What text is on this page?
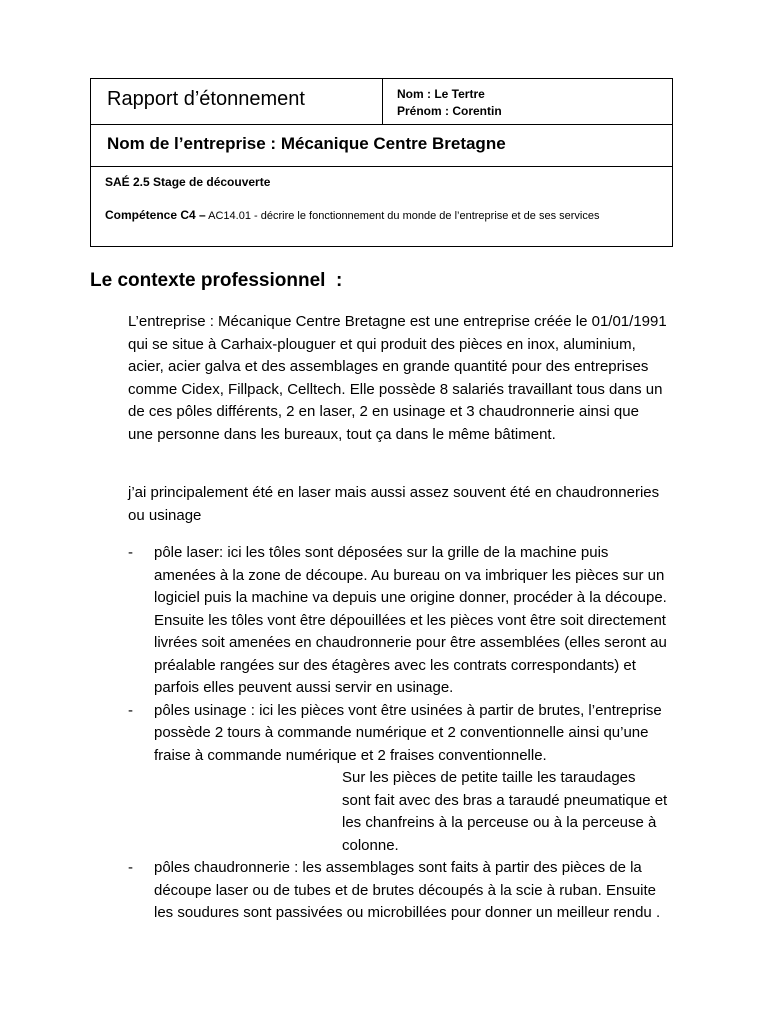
Rapport d’étonnement	Nom : Le Tertre
Prénom : Corentin
Nom de l’entreprise : Mécanique Centre Bretagne
SAÉ 2.5 Stage de découverte
Compétence C4 – AC14.01 - décrire le fonctionnement du monde de l’entreprise et de ses services
Le contexte professionnel  :

L’entreprise : Mécanique Centre Bretagne est une entreprise créée le 01/01/1991 qui se situe à Carhaix-plouguer et qui produit des pièces en inox, aluminium, acier, acier galva et des assemblages en grande quantité pour des entreprises comme Cidex, Fillpack, Celltech. Elle possède 8 salariés travaillant tous dans un de ces pôles différents, 2 en laser, 2 en usinage et 3 chaudronnerie ainsi que une personne dans les bureaux, tout ça dans le même bâtiment.

j’ai principalement été en laser mais aussi assez souvent été en chaudronneries ou usinage

- pôle laser: ici les tôles sont déposées sur la grille de la machine puis amenées à la zone de découpe. Au bureau on va imbriquer les pièces sur un logiciel puis la machine va depuis une origine donner, procéder à la découpe. Ensuite les tôles vont être dépouillées et les pièces vont être soit directement livrées soit amenées en chaudronnerie pour être assemblées (elles seront au préalable rangées sur des étagères avec les contrats correspondants) et parfois elles peuvent aussi servir en usinage.
- pôles usinage : ici les pièces vont être usinées à partir de brutes, l’entreprise possède 2 tours à commande numérique et 2 conventionnelle ainsi qu’une fraise à commande numérique et 2 fraises conventionnelle.
Sur les pièces de petite taille les taraudages sont fait avec des bras a taraudé pneumatique et les chanfreins à la perceuse ou à la perceuse à colonne.
- pôles chaudronnerie : les assemblages sont faits à partir des pièces de la découpe laser ou de tubes et de brutes découpés à la scie à ruban. Ensuite les soudures sont passivées ou microbillées pour donner un meilleur rendu .
